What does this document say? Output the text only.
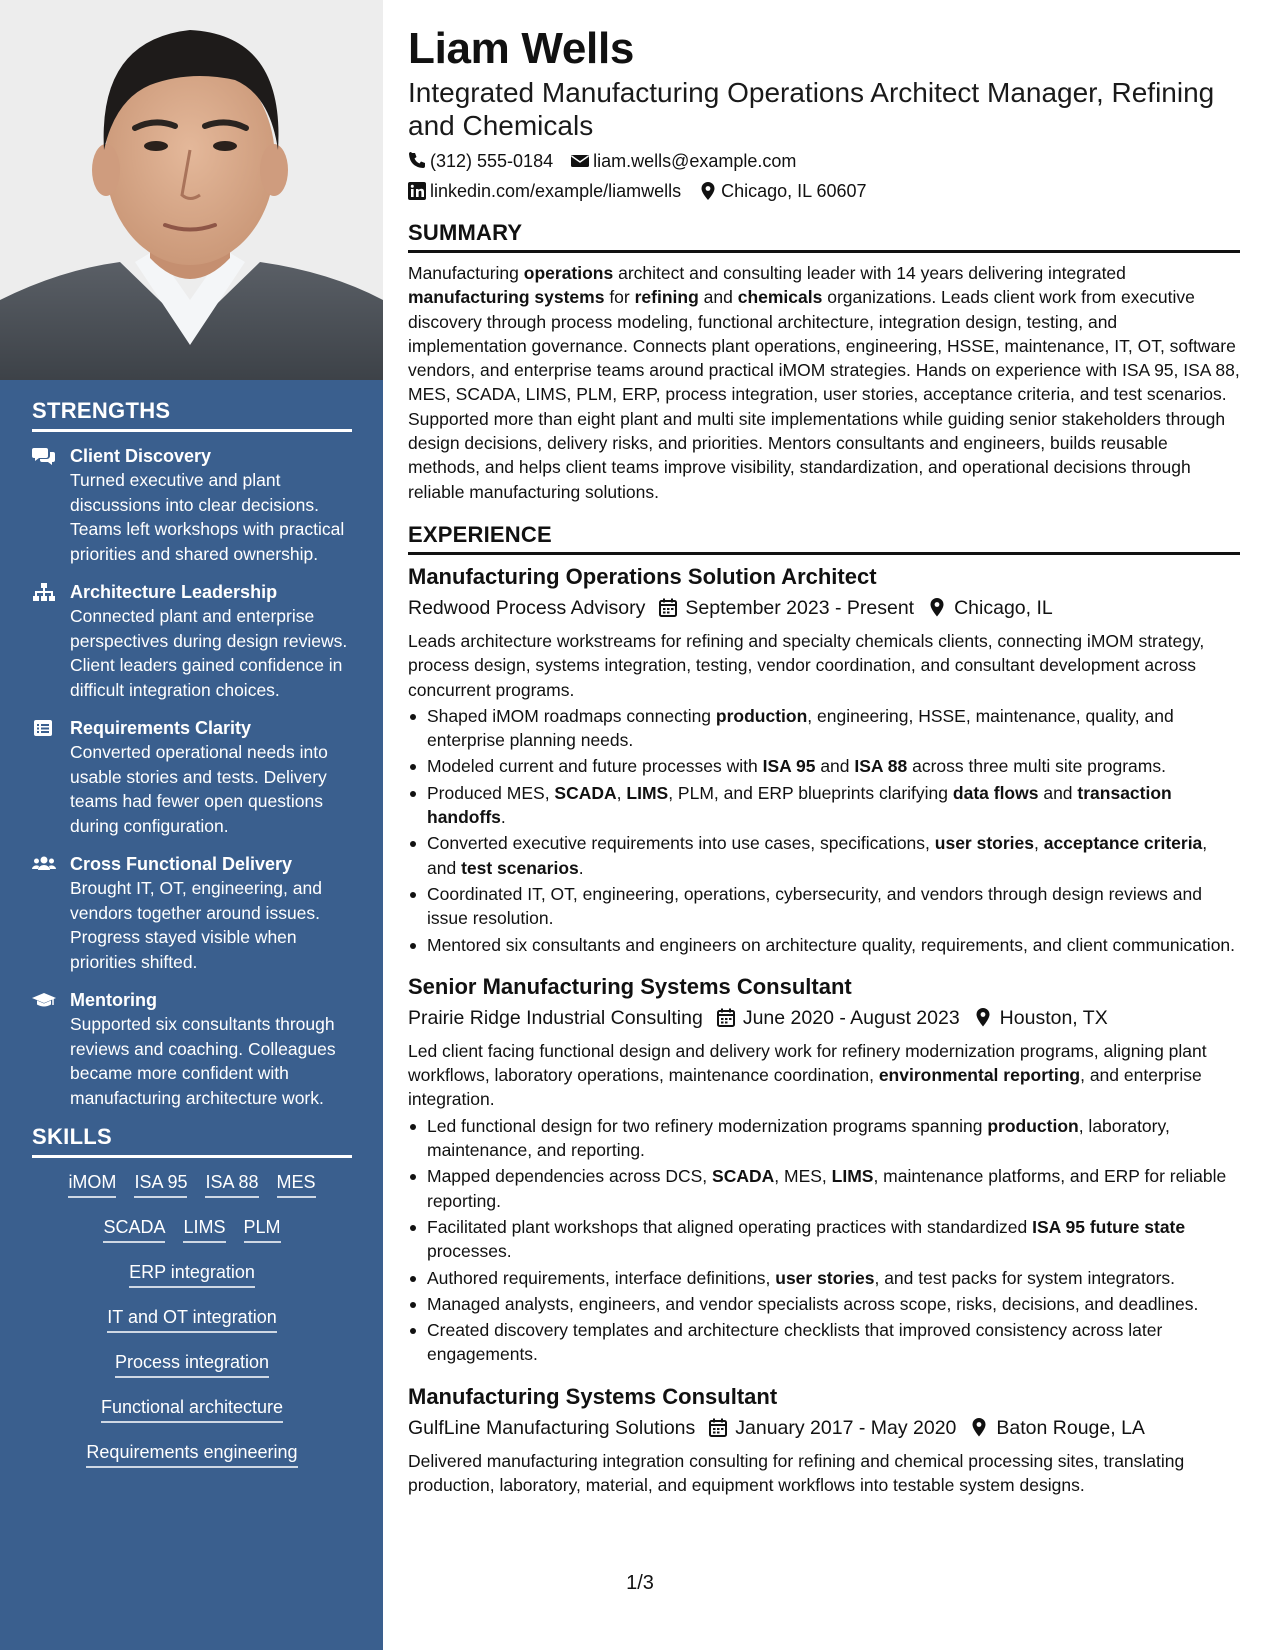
STRENGTHS
Client Discovery
Turned executive and plant discussions into clear decisions. Teams left workshops with practical priorities and shared ownership.
Architecture Leadership
Connected plant and enterprise perspectives during design reviews. Client leaders gained confidence in difficult integration choices.
Requirements Clarity
Converted operational needs into usable stories and tests. Delivery teams had fewer open questions during configuration.
Cross Functional Delivery
Brought IT, OT, engineering, and vendors together around issues. Progress stayed visible when priorities shifted.
Mentoring
Supported six consultants through reviews and coaching. Colleagues became more confident with manufacturing architecture work.
SKILLS
iMOM ISA 95 ISA 88 MES
SCADA LIMS PLM
ERP integration
IT and OT integration
Process integration
Functional architecture
Requirements engineering
Liam Wells
Integrated Manufacturing Operations Architect Manager, Refining and Chemicals
(312) 555-0184 liam.wells@example.com
linkedin.com/example/liamwells Chicago, IL 60607
SUMMARY
Manufacturing operations architect and consulting leader with 14 years delivering integrated manufacturing systems for refining and chemicals organizations. Leads client work from executive discovery through process modeling, functional architecture, integration design, testing, and implementation governance. Connects plant operations, engineering, HSSE, maintenance, IT, OT, software vendors, and enterprise teams around practical iMOM strategies. Hands on experience with ISA 95, ISA 88, MES, SCADA, LIMS, PLM, ERP, process integration, user stories, acceptance criteria, and test scenarios. Supported more than eight plant and multi site implementations while guiding senior stakeholders through design decisions, delivery risks, and priorities. Mentors consultants and engineers, builds reusable methods, and helps client teams improve visibility, standardization, and operational decisions through reliable manufacturing solutions.
EXPERIENCE
Manufacturing Operations Solution Architect
Redwood Process Advisory September 2023 - Present Chicago, IL
Leads architecture workstreams for refining and specialty chemicals clients, connecting iMOM strategy, process design, systems integration, testing, vendor coordination, and consultant development across concurrent programs.
Shaped iMOM roadmaps connecting production, engineering, HSSE, maintenance, quality, and enterprise planning needs.
Modeled current and future processes with ISA 95 and ISA 88 across three multi site programs.
Produced MES, SCADA, LIMS, PLM, and ERP blueprints clarifying data flows and transaction handoffs.
Converted executive requirements into use cases, specifications, user stories, acceptance criteria, and test scenarios.
Coordinated IT, OT, engineering, operations, cybersecurity, and vendors through design reviews and issue resolution.
Mentored six consultants and engineers on architecture quality, requirements, and client communication.
Senior Manufacturing Systems Consultant
Prairie Ridge Industrial Consulting June 2020 - August 2023 Houston, TX
Led client facing functional design and delivery work for refinery modernization programs, aligning plant workflows, laboratory operations, maintenance coordination, environmental reporting, and enterprise integration.
Led functional design for two refinery modernization programs spanning production, laboratory, maintenance, and reporting.
Mapped dependencies across DCS, SCADA, MES, LIMS, maintenance platforms, and ERP for reliable reporting.
Facilitated plant workshops that aligned operating practices with standardized ISA 95 future state processes.
Authored requirements, interface definitions, user stories, and test packs for system integrators.
Managed analysts, engineers, and vendor specialists across scope, risks, decisions, and deadlines.
Created discovery templates and architecture checklists that improved consistency across later engagements.
Manufacturing Systems Consultant
GulfLine Manufacturing Solutions January 2017 - May 2020 Baton Rouge, LA
Delivered manufacturing integration consulting for refining and chemical processing sites, translating production, laboratory, material, and equipment workflows into testable system designs.
1/3
